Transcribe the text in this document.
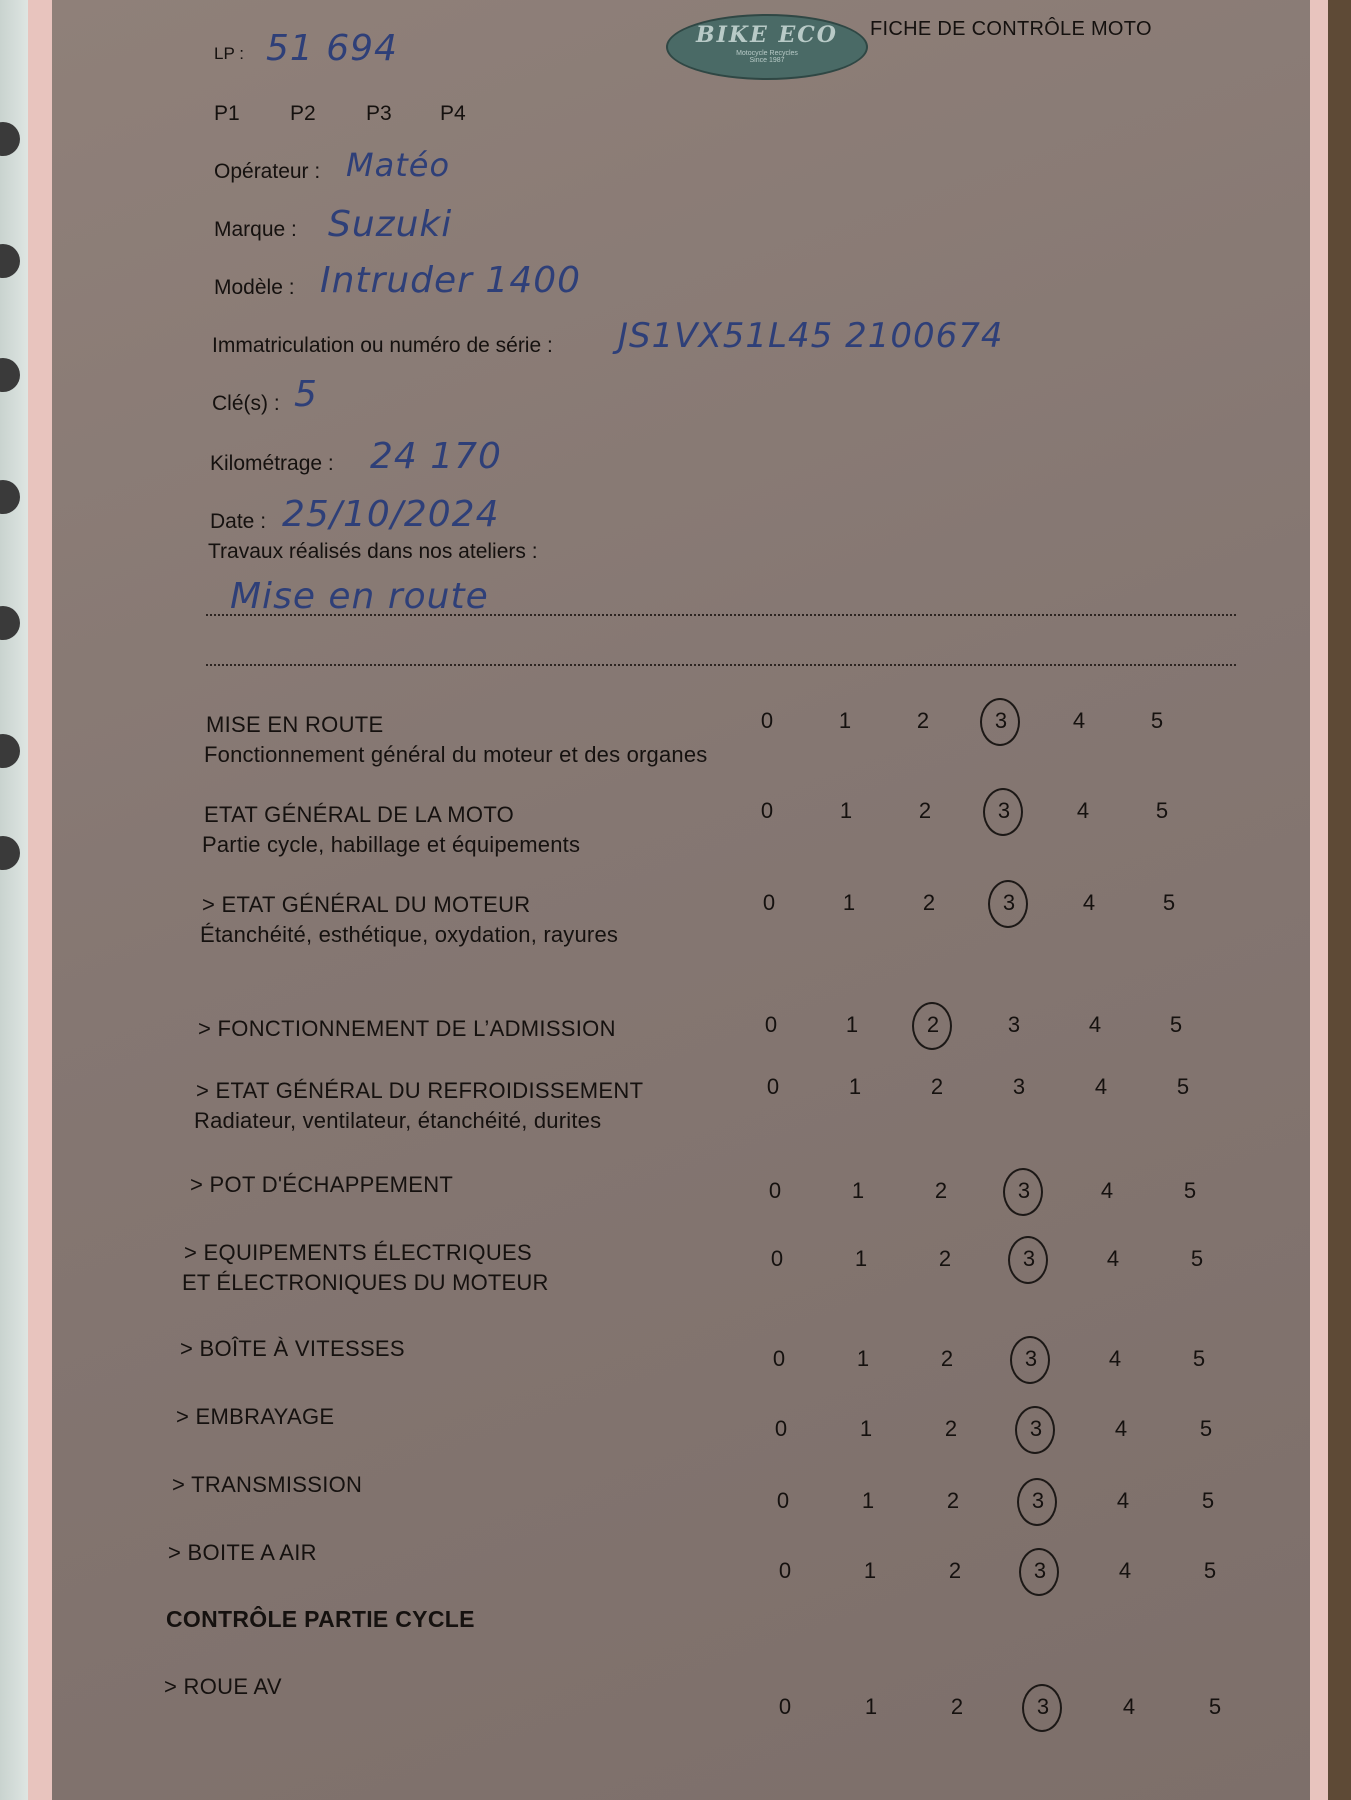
BIKE ECO
Motocycle Recycles
Since 1987
FICHE DE CONTRÔLE MOTO
LP : 51 694
P1 P2 P3 P4
Opérateur : Matéo
Marque : Suzuki
Modèle : Intruder 1400
Immatriculation ou numéro de série : JS1VX51L45 2100674
Clé(s) : 5
Kilométrage : 24 170
Date : 25/10/2024
Travaux réalisés dans nos ateliers :
Mise en route
MISE EN ROUTE
Fonctionnement général du moteur et des organes
0	1	2	3	4	5
ETAT GÉNÉRAL DE LA MOTO
Partie cycle, habillage et équipements
0	1	2	3	4	5
> ETAT GÉNÉRAL DU MOTEUR
Étanchéité, esthétique, oxydation, rayures
0	1	2	3	4	5
> FONCTIONNEMENT DE L’ADMISSION	0	1	2	3	4	5
> ETAT GÉNÉRAL DU REFROIDISSEMENT
Radiateur, ventilateur, étanchéité, durites
0	1	2	3	4	5
> POT D'ÉCHAPPEMENT	0	1	2	3	4	5
> EQUIPEMENTS ÉLECTRIQUES
ET ÉLECTRONIQUES DU MOTEUR
0	1	2	3	4	5
> BOÎTE À VITESSES	0	1	2	3	4	5
> EMBRAYAGE	0	1	2	3	4	5
> TRANSMISSION
0	1	2	3	4	5
> BOITE A AIR
0	1	2	3	4	5
> ROUE AV
0	1	2	3	4	5
CONTRÔLE PARTIE CYCLE
